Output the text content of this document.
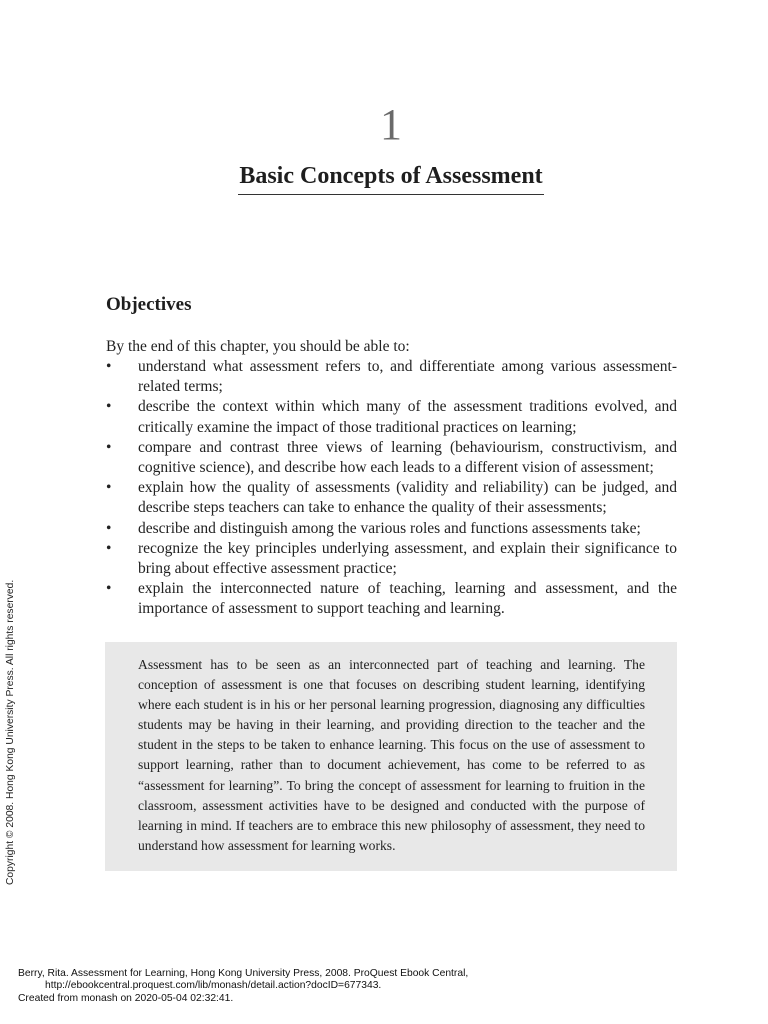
1
Basic Concepts of Assessment
Objectives
By the end of this chapter, you should be able to:
•	understand what assessment refers to, and differentiate among various assessment-related terms;
•	describe the context within which many of the assessment traditions evolved, and critically examine the impact of those traditional practices on learning;
•	compare and contrast three views of learning (behaviourism, constructivism, and cognitive science), and describe how each leads to a different vision of assessment;
•	explain how the quality of assessments (validity and reliability) can be judged, and describe steps teachers can take to enhance the quality of their assessments;
•	describe and distinguish among the various roles and functions assessments take;
•	recognize the key principles underlying assessment, and explain their significance to bring about effective assessment practice;
•	explain the interconnected nature of teaching, learning and assessment, and the importance of assessment to support teaching and learning.

Assessment has to be seen as an interconnected part of teaching and learning. The conception of assessment is one that focuses on describing student learning, identifying where each student is in his or her personal learning progression, diagnosing any difficulties students may be having in their learning, and providing direction to the teacher and the student in the steps to be taken to enhance learning. This focus on the use of assessment to support learning, rather than to document achievement, has come to be referred to as “assessment for learning”. To bring the concept of assessment for learning to fruition in the classroom, assessment activities have to be designed and conducted with the purpose of learning in mind. If teachers are to embrace this new philosophy of assessment, they need to understand how assessment for learning works.

Copyright © 2008. Hong Kong University Press. All rights reserved.
Berry, Rita. Assessment for Learning, Hong Kong University Press, 2008. ProQuest Ebook Central,
http://ebookcentral.proquest.com/lib/monash/detail.action?docID=677343.
Created from monash on 2020-05-04 02:32:41.
